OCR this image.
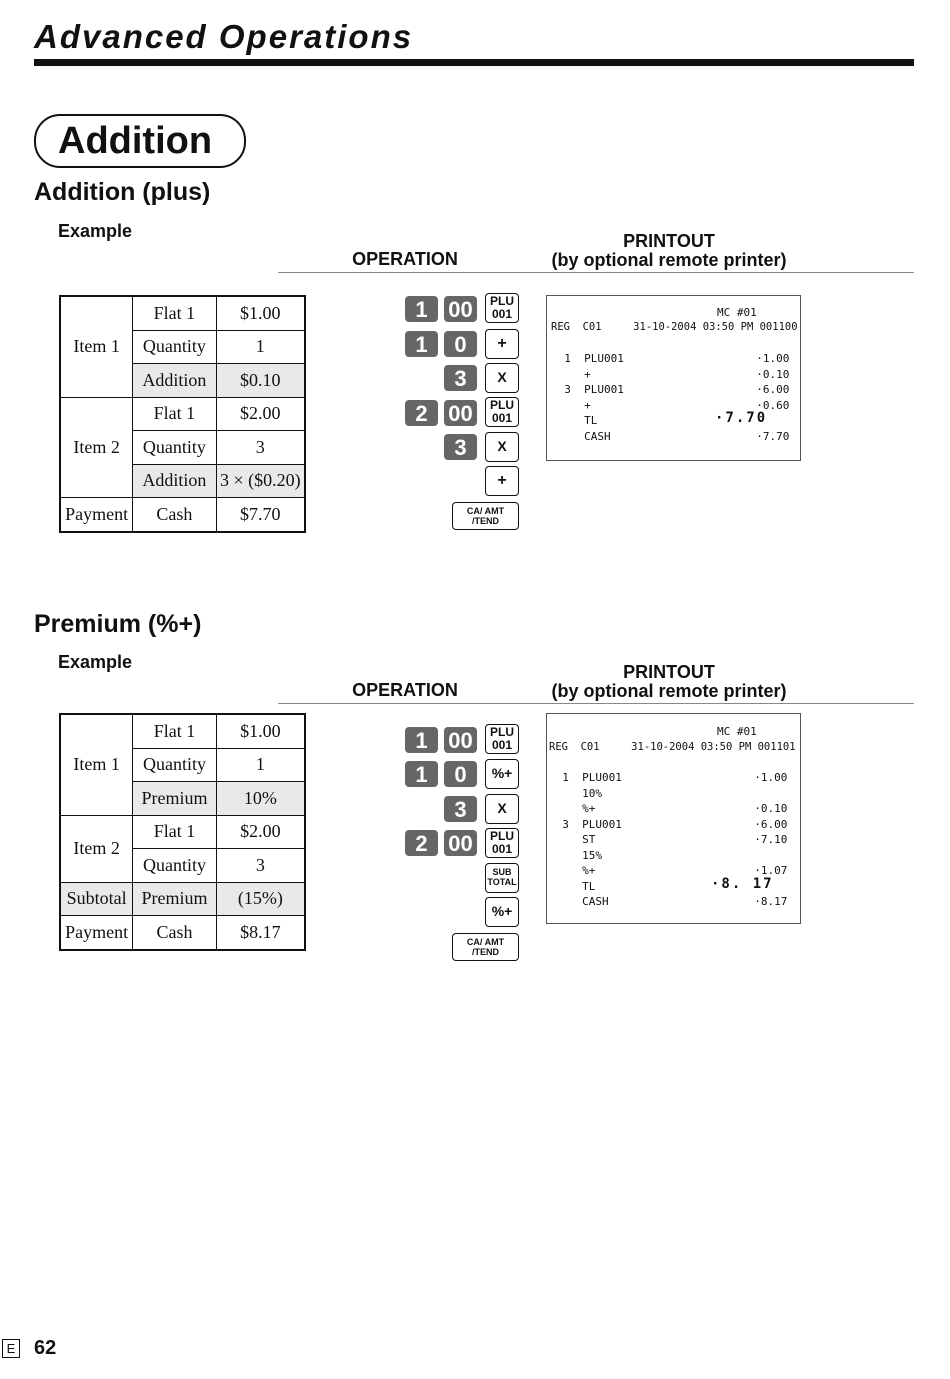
Advanced Operations
Addition
Addition (plus)
Example
OPERATION
PRINTOUT
(by optional remote printer)
Item 1	Flat 1	$1.00
	Quantity	1
	Addition	$0.10
Item 2	Flat 1	$2.00
	Quantity	3
	Addition	3 × ($0.20)
Payment	Cash	$7.70
1 00	PLU
001
1	0	+
3	X
2 00	PLU
001
3	X
+
CA/ AMT
/TEND
MC #01
REG  C01     31-10-2004 03:50 PM 001100
1  PLU001                    ·1.00
+                         ·0.10
3  PLU001                    ·6.00
+                         ·0.60
TL	·7.70
CASH                      ·7.70
Premium (%+)
Example
OPERATION
PRINTOUT
(by optional remote printer)
Item 1	Flat 1	$1.00
	Quantity	1
	Premium	10%
Item 2	Flat 1	$2.00
	Quantity	3
Subtotal	Premium	(15%)
Payment	Cash	$8.17
1 00	PLU
001
1	0	%+
3	X
2 00	PLU
001
SUB
TOTAL
%+
CA/ AMT
/TEND
MC #01
REG  C01     31-10-2004 03:50 PM 001101
1  PLU001                    ·1.00
10%
%+                        ·0.10
3  PLU001                    ·6.00
ST                        ·7.10
15%
%+                        ·1.07
TL	·8. 17
CASH                      ·8.17
E 62
